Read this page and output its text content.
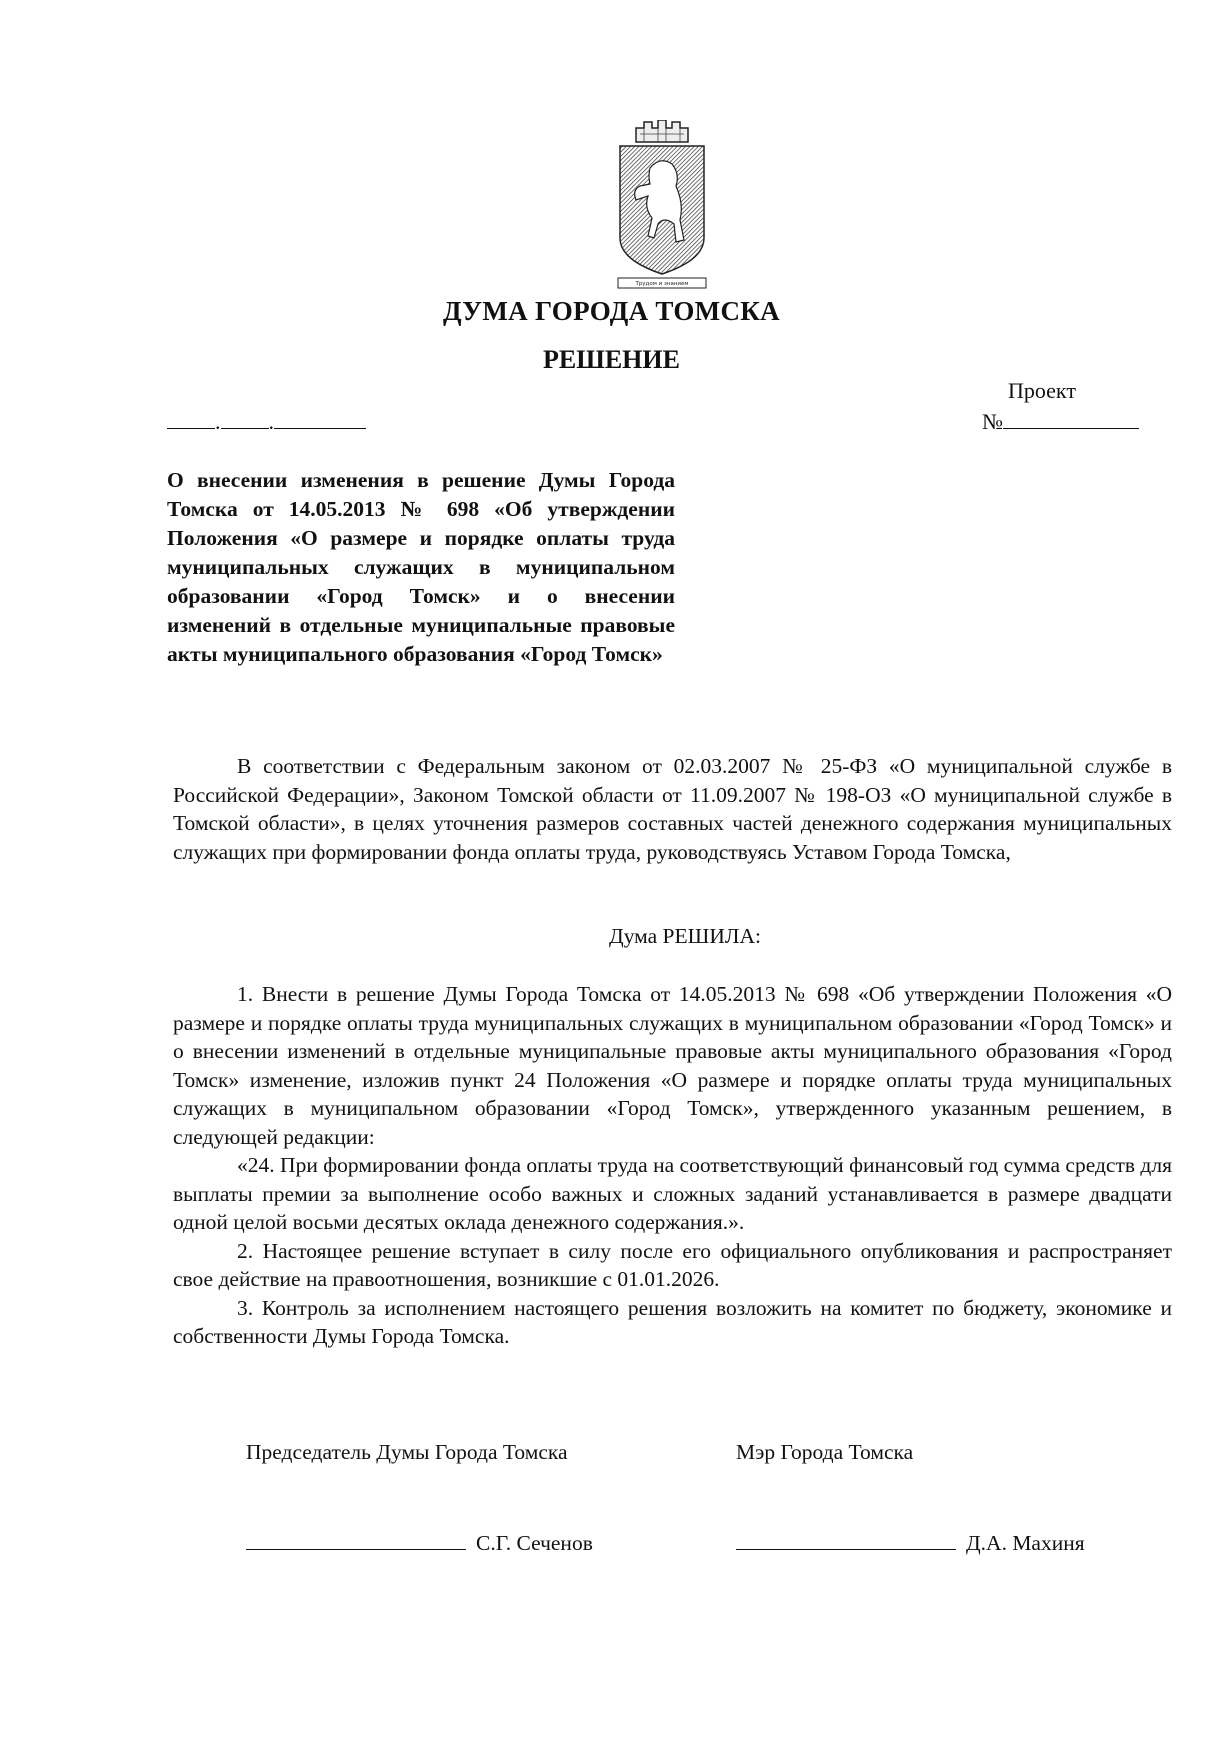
Трудом и знанием
ДУМА ГОРОДА ТОМСКА
РЕШЕНИЕ
Проект
№
. .
О внесении изменения в решение Думы Города Томска от 14.05.2013 № 698 «Об утверждении Положения «О размере и порядке оплаты труда муниципальных служащих в муниципальном образовании «Город Томск» и о внесении изменений в отдельные муниципальные правовые акты муниципального образования «Город Томск»

В соответствии с Федеральным законом от 02.03.2007 № 25-ФЗ «О муниципальной службе в Российской Федерации», Законом Томской области от 11.09.2007 № 198-ОЗ «О муниципальной службе в Томской области», в целях уточнения размеров составных частей денежного содержания муниципальных служащих при формировании фонда оплаты труда, руководствуясь Уставом Города Томска,

Дума РЕШИЛА:

1. Внести в решение Думы Города Томска от 14.05.2013 № 698 «Об утверждении Положения «О размере и порядке оплаты труда муниципальных служащих в муниципальном образовании «Город Томск» и о внесении изменений в отдельные муниципальные правовые акты муниципального образования «Город Томск» изменение, изложив пункт 24 Положения «О размере и порядке оплаты труда муниципальных служащих в муниципальном образовании «Город Томск», утвержденного указанным решением, в следующей редакции:

«24. При формировании фонда оплаты труда на соответствующий финансовый год сумма средств для выплаты премии за выполнение особо важных и сложных заданий устанавливается в размере двадцати одной целой восьми десятых оклада денежного содержания.».

2. Настоящее решение вступает в силу после его официального опубликования и распространяет свое действие на правоотношения, возникшие с 01.01.2026.

3. Контроль за исполнением настоящего решения возложить на комитет по бюджету, экономике и собственности Думы Города Томска.

Председатель Думы Города Томска	Мэр Города Томска
С.Г. Сеченов	Д.А. Махиня
